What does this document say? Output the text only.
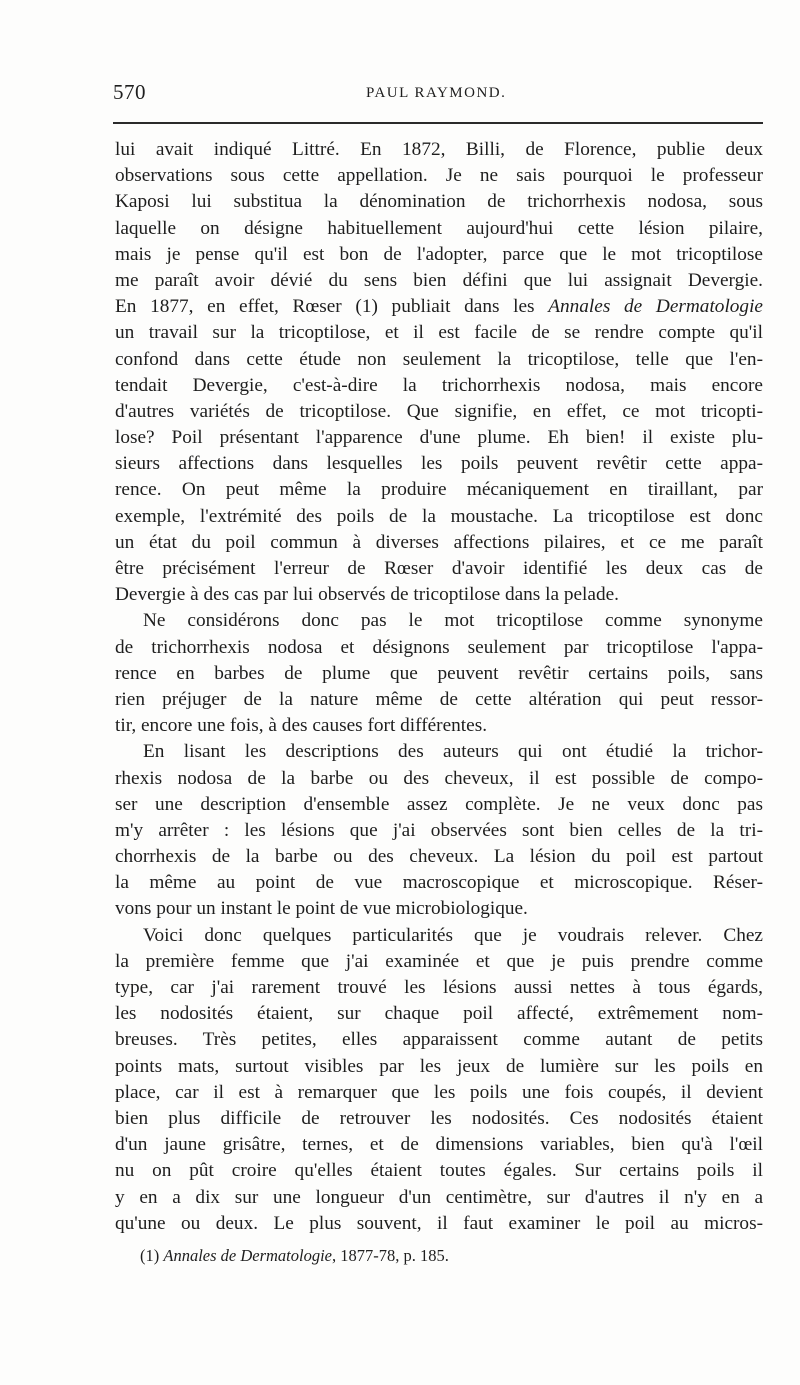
570	PAUL RAYMOND.
lui avait indiqué Littré. En 1872, Billi, de Florence, publie deux
observations sous cette appellation. Je ne sais pourquoi le professeur
Kaposi lui substitua la dénomination de trichorrhexis nodosa, sous
laquelle on désigne habituellement aujourd'hui cette lésion pilaire,
mais je pense qu'il est bon de l'adopter, parce que le mot tricoptilose
me paraît avoir dévié du sens bien défini que lui assignait Devergie.
En 1877, en effet, Rœser (1) publiait dans les Annales de Dermatologie
un travail sur la tricoptilose, et il est facile de se rendre compte qu'il
confond dans cette étude non seulement la tricoptilose, telle que l'en-
tendait Devergie, c'est-à-dire la trichorrhexis nodosa, mais encore
d'autres variétés de tricoptilose. Que signifie, en effet, ce mot tricopti-
lose? Poil présentant l'apparence d'une plume. Eh bien! il existe plu-
sieurs affections dans lesquelles les poils peuvent revêtir cette appa-
rence. On peut même la produire mécaniquement en tiraillant, par
exemple, l'extrémité des poils de la moustache. La tricoptilose est donc
un état du poil commun à diverses affections pilaires, et ce me paraît
être précisément l'erreur de Rœser d'avoir identifié les deux cas de
Devergie à des cas par lui observés de tricoptilose dans la pelade.
Ne considérons donc pas le mot tricoptilose comme synonyme
de trichorrhexis nodosa et désignons seulement par tricoptilose l'appa-
rence en barbes de plume que peuvent revêtir certains poils, sans
rien préjuger de la nature même de cette altération qui peut ressor-
tir, encore une fois, à des causes fort différentes.
En lisant les descriptions des auteurs qui ont étudié la trichor-
rhexis nodosa de la barbe ou des cheveux, il est possible de compo-
ser une description d'ensemble assez complète. Je ne veux donc pas
m'y arrêter : les lésions que j'ai observées sont bien celles de la tri-
chorrhexis de la barbe ou des cheveux. La lésion du poil est partout
la même au point de vue macroscopique et microscopique. Réser-
vons pour un instant le point de vue microbiologique.
Voici donc quelques particularités que je voudrais relever. Chez
la première femme que j'ai examinée et que je puis prendre comme
type, car j'ai rarement trouvé les lésions aussi nettes à tous égards,
les nodosités étaient, sur chaque poil affecté, extrêmement nom-
breuses. Très petites, elles apparaissent comme autant de petits
points mats, surtout visibles par les jeux de lumière sur les poils en
place, car il est à remarquer que les poils une fois coupés, il devient
bien plus difficile de retrouver les nodosités. Ces nodosités étaient
d'un jaune grisâtre, ternes, et de dimensions variables, bien qu'à l'œil
nu on pût croire qu'elles étaient toutes égales. Sur certains poils il
y en a dix sur une longueur d'un centimètre, sur d'autres il n'y en a
qu'une ou deux. Le plus souvent, il faut examiner le poil au micros-
(1) Annales de Dermatologie, 1877-78, p. 185.
